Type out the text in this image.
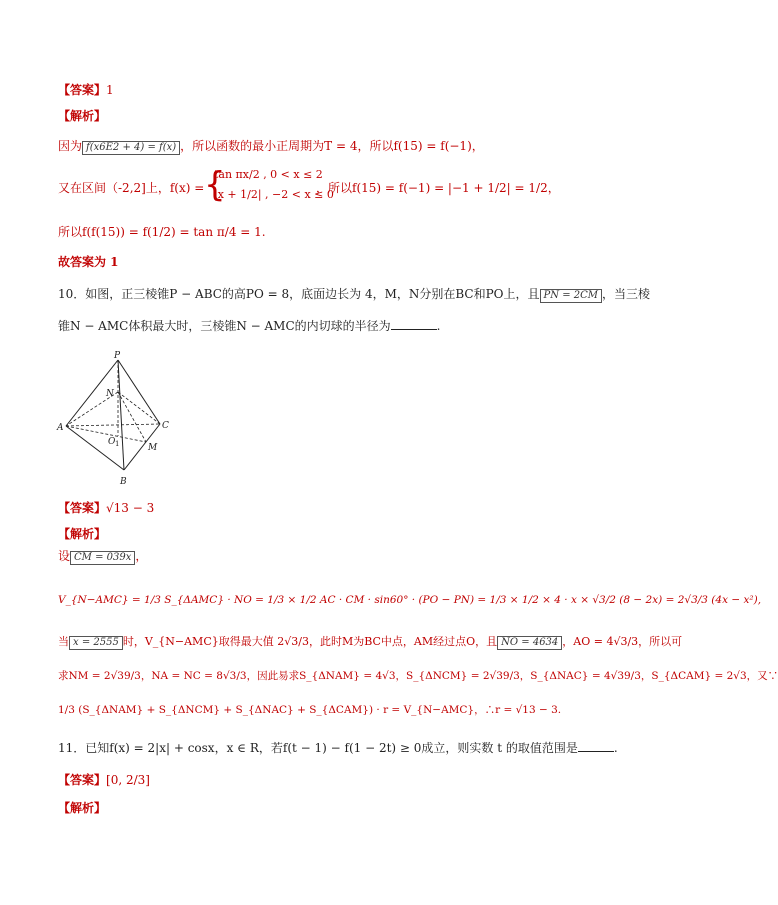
【答案】1
【解析】
因为 f(x6E2 + 4) = f(x) ，所以函数的最小正周期为T = 4，所以f(15) = f(−1)，
又在区间（-2,2]上，f(x) = {
tan πx/2 , 0 < x ≤ 2
|x + 1/2| , −2 < x ≤ 0
，所以f(15) = f(−1) = |−1 + 1/2| = 1/2，
所以f(f(15)) = f(1/2) = tan π/4 = 1.
故答案为 1
10．如图，正三棱锥P − ABC的高PO = 8，底面边长为 4，M，N分别在BC和PO上，且 PN = 2CM ，当三棱
锥N − AMC体积最大时，三棱锥N − AMC的内切球的半径为	.
P
N
A
O 1
C
M
B
【答案】√13 − 3
【解析】
设 CM = 039x ，
V_{N−AMC} = 1/3 S_{ΔAMC} · NO = 1/3 × 1/2 AC · CM · sin60° · (PO − PN) = 1/3 × 1/2 × 4 · x × √3/2 (8 − 2x) = 2√3/3 (4x − x²),
当 x = 2555 时，V_{N−AMC}取得最大值 2√3/3，此时M为BC中点，AM经过点O，且 NO = 4634 ，AO = 4√3/3，所以可
求NM = 2√39/3，NA = NC = 8√3/3，因此易求S_{ΔNAM} = 4√3，S_{ΔNCM} = 2√39/3，S_{ΔNAC} = 4√39/3，S_{ΔCAM} = 2√3，又∵
1/3 (S_{ΔNAM} + S_{ΔNCM} + S_{ΔNAC} + S_{ΔCAM}) · r = V_{N−AMC}，∴r = √13 − 3.
11．已知f(x) = 2|x| + cosx，x ∈ R，若f(t − 1) − f(1 − 2t) ≥ 0成立，则实数 t 的取值范围是	.
【答案】[0, 2/3]
【解析】
